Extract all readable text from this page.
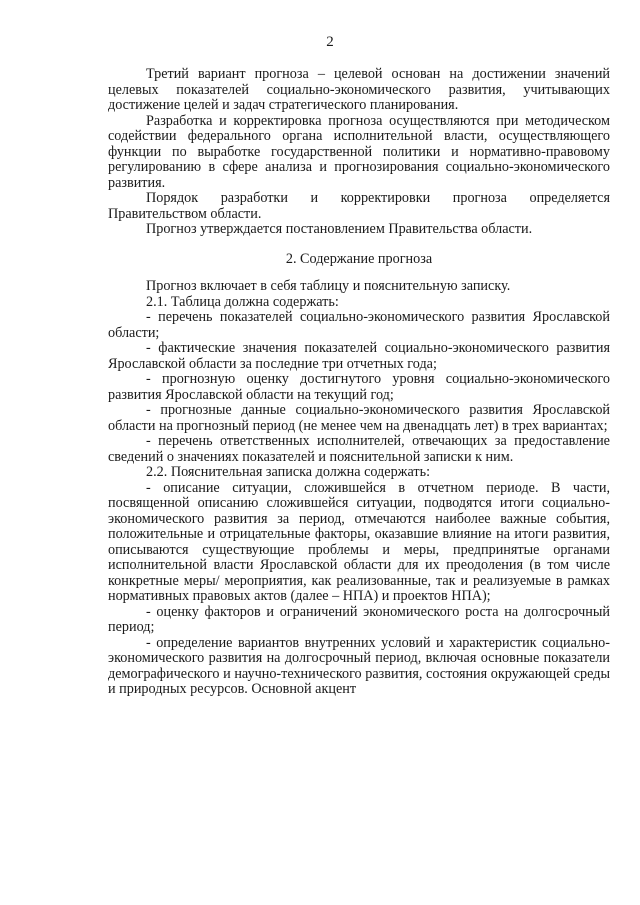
2

Третий вариант прогноза – целевой основан на достижении значений целевых показателей социально-экономического развития, учитывающих достижение целей и задач стратегического планирования.

Разработка и корректировка прогноза осуществляются при методическом содействии федерального органа исполнительной власти, осуществляющего функции по выработке государственной политики и нормативно-правовому регулированию в сфере анализа и прогнозирования социально-экономического развития.

Порядок разработки и корректировки прогноза определяется Правительством области.

Прогноз утверждается постановлением Правительства области.

2. Содержание прогноза

Прогноз включает в себя таблицу и пояснительную записку.

2.1. Таблица должна содержать:

- перечень показателей социально-экономического развития Ярославской области;

- фактические значения показателей социально-экономического развития Ярославской области за последние три отчетных года;

- прогнозную оценку достигнутого уровня социально-экономического развития Ярославской области на текущий год;

- прогнозные данные социально-экономического развития Ярославской области на прогнозный период (не менее чем на двенадцать лет) в трех вариантах;

- перечень ответственных исполнителей, отвечающих за предоставление сведений о значениях показателей и пояснительной записки к ним.

2.2. Пояснительная записка должна содержать:

- описание ситуации, сложившейся в отчетном периоде. В части, посвященной описанию сложившейся ситуации, подводятся итоги социально-экономического развития за период, отмечаются наиболее важные события, положительные и отрицательные факторы, оказавшие влияние на итоги развития, описываются существующие проблемы и меры, предпринятые органами исполнительной власти Ярославской области для их преодоления (в том числе конкретные меры/ мероприятия, как реализованные, так и реализуемые в рамках нормативных правовых актов (далее – НПА) и проектов НПА);

- оценку факторов и ограничений экономического роста на долгосрочный период;

- определение вариантов внутренних условий и характеристик социально-экономического развития на долгосрочный период, включая основные показатели демографического и научно-технического развития, состояния окружающей среды и природных ресурсов. Основной акцент
